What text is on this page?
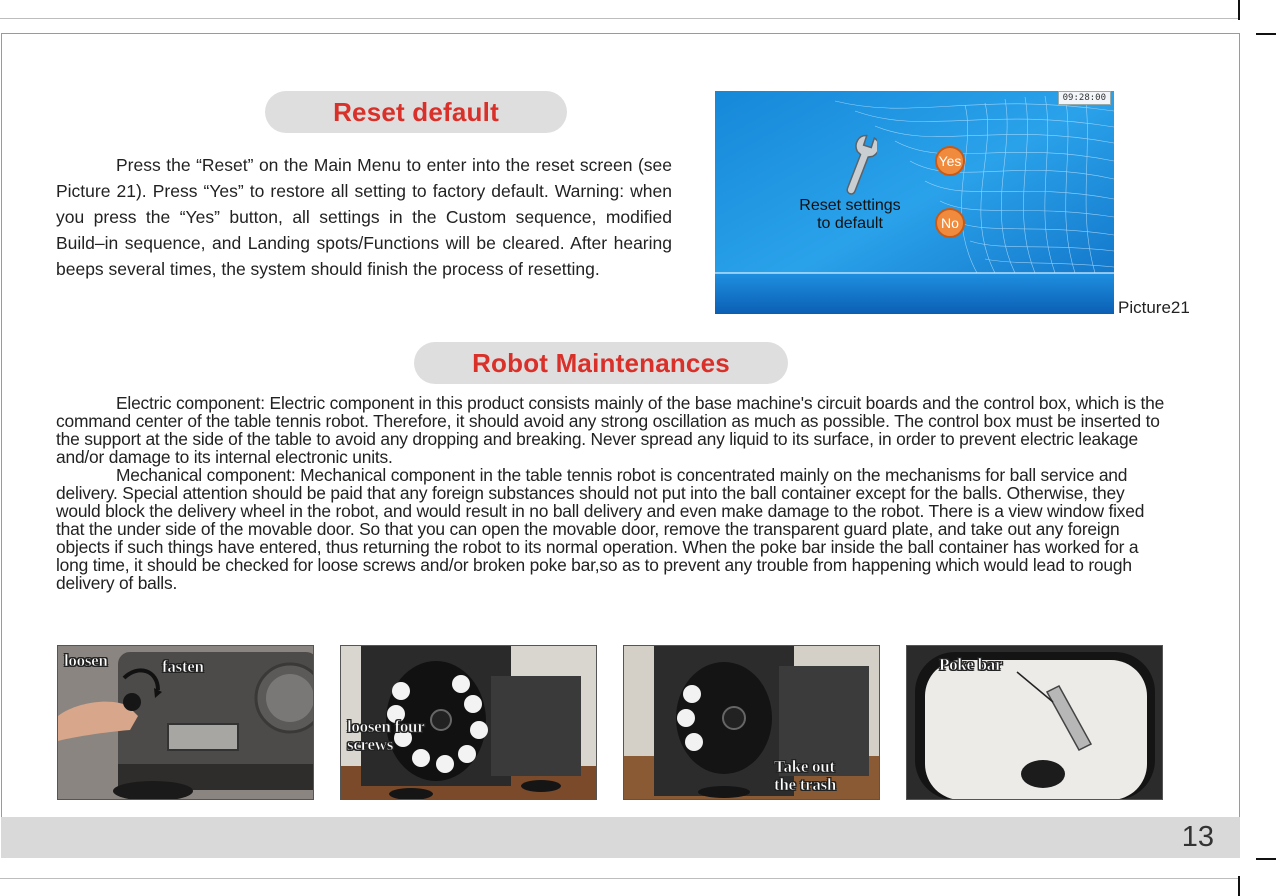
Reset default
Press the “Reset” on the Main Menu to enter into the reset screen (see Picture 21). Press “Yes” to restore all setting to factory default. Warning: when you press the “Yes” button, all settings in the Custom sequence, modified Build–in sequence, and Landing spots/Functions will be cleared. After hearing beeps several times, the system should finish the process of resetting.
09:28:00
Reset settings
to default
Yes
No
Picture21
Robot Maintenances

Electric component: Electric component in this product consists mainly of the base machine's circuit boards and the control box, which is the command center of the table tennis robot. Therefore, it should avoid any strong oscillation as much as possible. The control box must be inserted to the support at the side of the table to avoid any dropping and breaking. Never spread any liquid to its surface, in order to prevent electric leakage and/or damage to its internal electronic units.

Mechanical component: Mechanical component in the table tennis robot is concentrated mainly on the mechanisms for ball service and delivery. Special attention should be paid that any foreign substances should not put into the ball container except for the balls. Otherwise, they would block the delivery wheel in the robot, and would result in no ball delivery and even make damage to the robot. There is a view window fixed that the under side of the movable door. So that you can open the movable door, remove the transparent guard plate, and take out any foreign objects if such things have entered, thus returning the robot to its normal operation. When the poke bar inside the ball container has worked for a long time, it should be checked for loose screws and/or broken poke bar,so as to prevent any trouble from happening which would lead to rough delivery of balls.

loosen	fasten
loosen four
screws
Take out
the trash
Poke bar
13
